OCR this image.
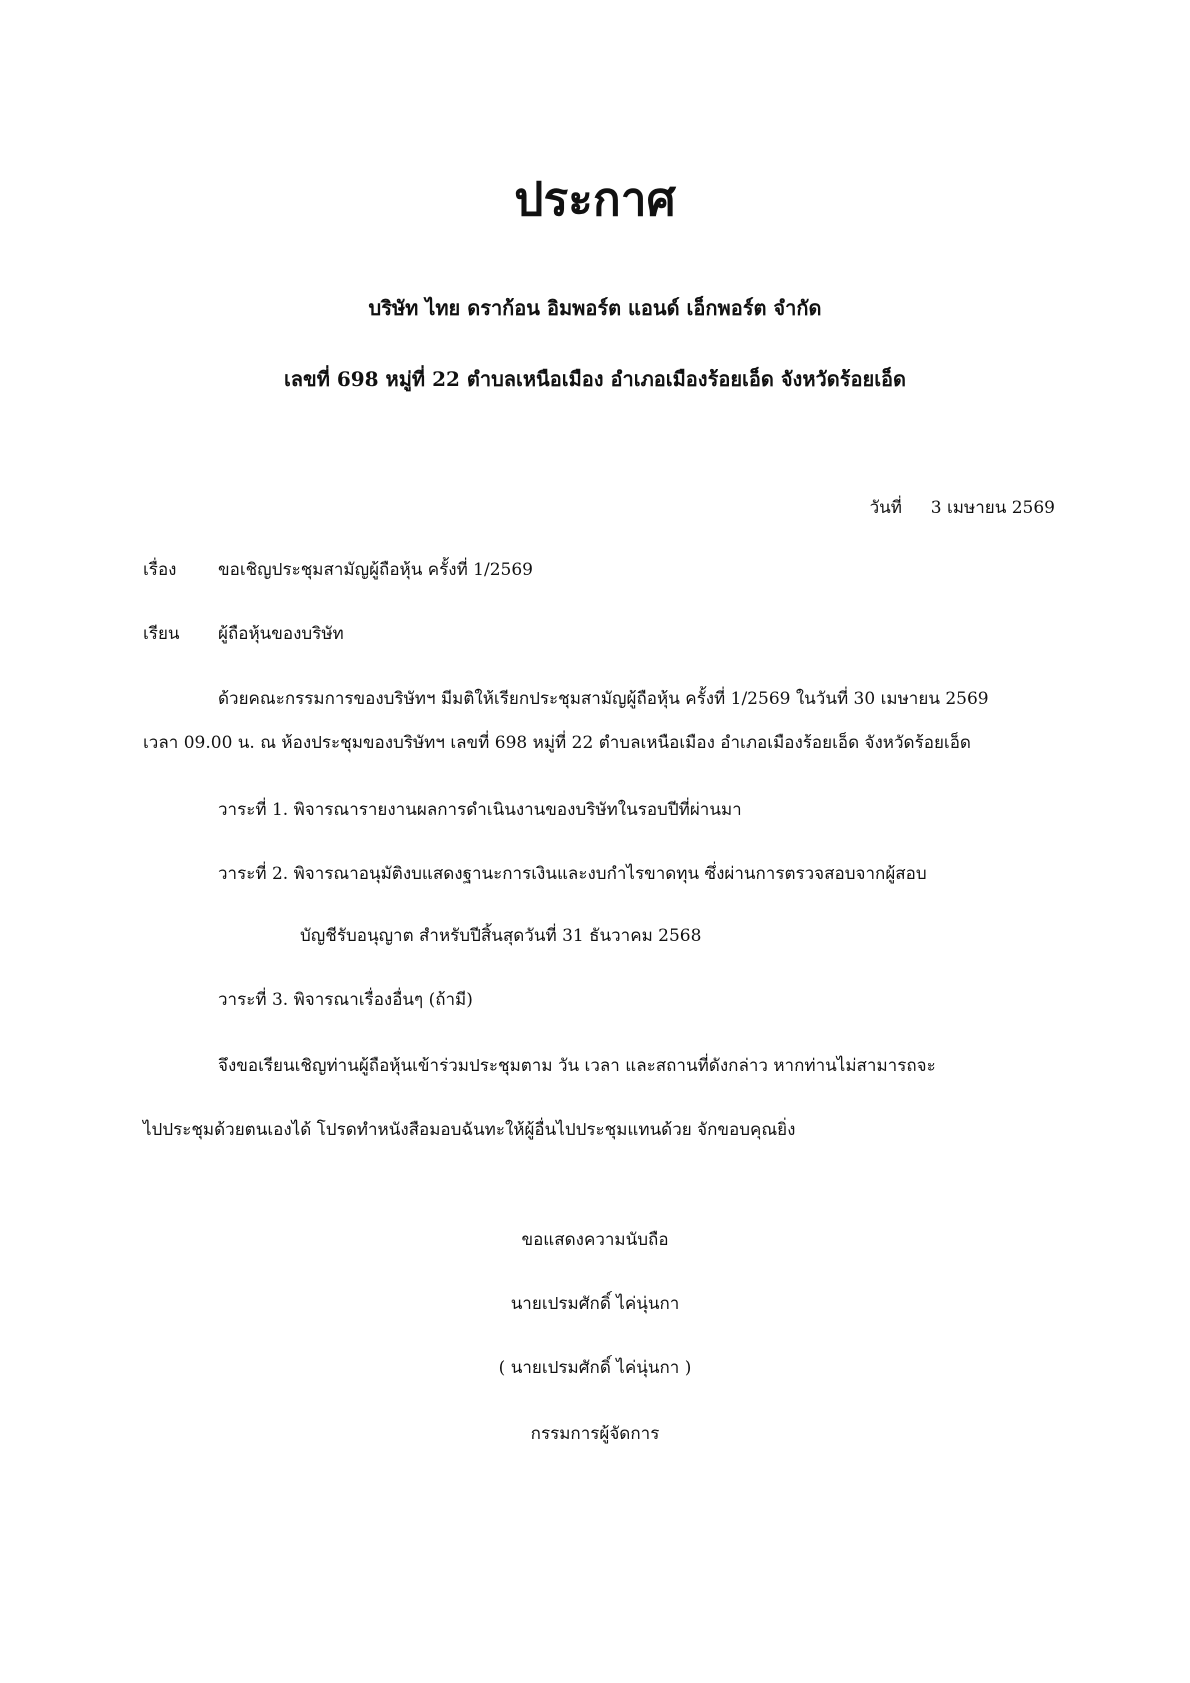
ประกาศ
บริษัท ไทย ดราก้อน อิมพอร์ต แอนด์ เอ็กพอร์ต จำกัด
เลขที่ 698 หมู่ที่ 22 ตำบลเหนือเมือง อำเภอเมืองร้อยเอ็ด จังหวัดร้อยเอ็ด
วันที่ 3 เมษายน 2569
เรื่อง ขอเชิญประชุมสามัญผู้ถือหุ้น ครั้งที่ 1/2569
เรียน ผู้ถือหุ้นของบริษัท
ด้วยคณะกรรมการของบริษัทฯ มีมติให้เรียกประชุมสามัญผู้ถือหุ้น ครั้งที่ 1/2569 ในวันที่ 30 เมษายน 2569
เวลา 09.00 น. ณ ห้องประชุมของบริษัทฯ เลขที่ 698 หมู่ที่ 22 ตำบลเหนือเมือง อำเภอเมืองร้อยเอ็ด จังหวัดร้อยเอ็ด
วาระที่ 1. พิจารณารายงานผลการดำเนินงานของบริษัทในรอบปีที่ผ่านมา
วาระที่ 2. พิจารณาอนุมัติงบแสดงฐานะการเงินและงบกำไรขาดทุน ซึ่งผ่านการตรวจสอบจากผู้สอบ
บัญชีรับอนุญาต สำหรับปีสิ้นสุดวันที่ 31 ธันวาคม 2568
วาระที่ 3. พิจารณาเรื่องอื่นๆ (ถ้ามี)
จึงขอเรียนเชิญท่านผู้ถือหุ้นเข้าร่วมประชุมตาม วัน เวลา และสถานที่ดังกล่าว หากท่านไม่สามารถจะ
ไปประชุมด้วยตนเองได้ โปรดทำหนังสือมอบฉันทะให้ผู้อื่นไปประชุมแทนด้วย จักขอบคุณยิ่ง
ขอแสดงความนับถือ
นายเปรมศักดิ์ ไค่นุ่นกา
( นายเปรมศักดิ์ ไค่นุ่นกา )
กรรมการผู้จัดการ
